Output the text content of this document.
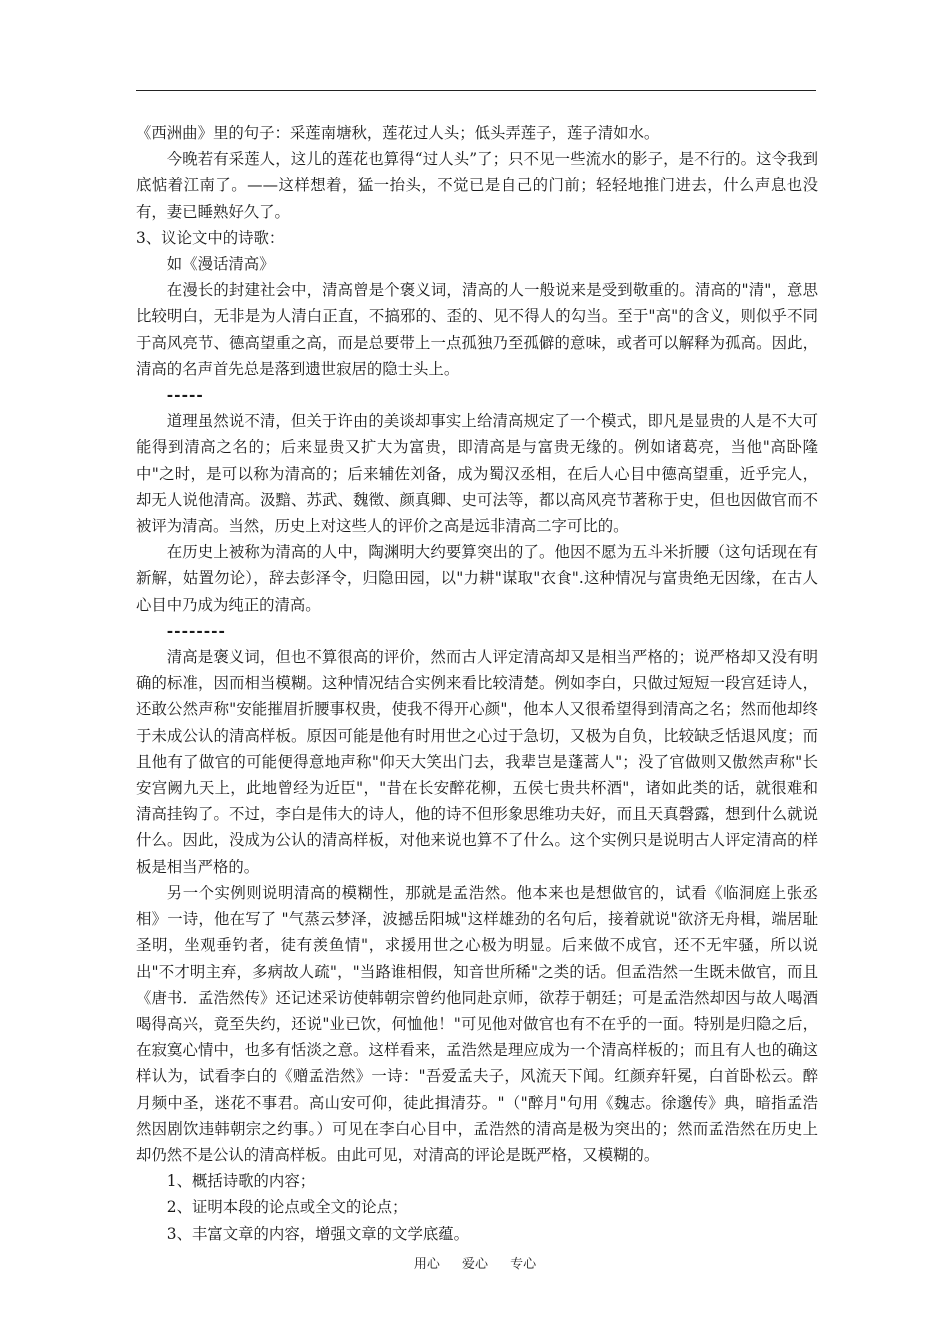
《西洲曲》里的句子：采莲南塘秋，莲花过人头；低头弄莲子，莲子清如水。

今晚若有采莲人，这儿的莲花也算得“过人头”了；只不见一些流水的影子，是不行的。这令我到底惦着江南了。——这样想着，猛一抬头，不觉已是自己的门前；轻轻地推门进去，什么声息也没有，妻已睡熟好久了。

3、议论文中的诗歌：

如《漫话清高》

在漫长的封建社会中，清高曾是个褒义词，清高的人一般说来是受到敬重的。清高的"清"，意思比较明白，无非是为人清白正直，不搞邪的、歪的、见不得人的勾当。至于"高"的含义，则似乎不同于高风亮节、德高望重之高，而是总要带上一点孤独乃至孤僻的意味，或者可以解释为孤高。因此，清高的名声首先总是落到遗世寂居的隐士头上。

-----

道理虽然说不清，但关于许由的美谈却事实上给清高规定了一个模式，即凡是显贵的人是不大可能得到清高之名的；后来显贵又扩大为富贵，即清高是与富贵无缘的。例如诸葛亮，当他"高卧隆中"之时，是可以称为清高的；后来辅佐刘备，成为蜀汉丞相，在后人心目中德高望重，近乎完人，却无人说他清高。汲黯、苏武、魏徵、颜真卿、史可法等，都以高风亮节著称于史，但也因做官而不被评为清高。当然，历史上对这些人的评价之高是远非清高二字可比的。

在历史上被称为清高的人中，陶渊明大约要算突出的了。他因不愿为五斗米折腰（这句话现在有新解，姑置勿论），辞去彭泽令，归隐田园，以"力耕"谋取"衣食".这种情况与富贵绝无因缘，在古人心目中乃成为纯正的清高。

--------

清高是褒义词，但也不算很高的评价，然而古人评定清高却又是相当严格的；说严格却又没有明确的标准，因而相当模糊。这种情况结合实例来看比较清楚。例如李白，只做过短短一段宫廷诗人，还敢公然声称"安能摧眉折腰事权贵，使我不得开心颜"，他本人又很希望得到清高之名；然而他却终于未成公认的清高样板。原因可能是他有时用世之心过于急切，又极为自负，比较缺乏恬退风度；而且他有了做官的可能便得意地声称"仰天大笑出门去，我辈岂是蓬蒿人"；没了官做则又傲然声称"长安宫阙九天上，此地曾经为近臣"，"昔在长安醉花柳，五侯七贵共杯酒"，诸如此类的话，就很难和清高挂钩了。不过，李白是伟大的诗人，他的诗不但形象思维功夫好，而且天真磬露，想到什么就说什么。因此，没成为公认的清高样板，对他来说也算不了什么。这个实例只是说明古人评定清高的样板是相当严格的。

另一个实例则说明清高的模糊性，那就是孟浩然。他本来也是想做官的，试看《临洞庭上张丞相》一诗，他在写了 "气蒸云梦泽，波撼岳阳城"这样雄劲的名句后，接着就说"欲济无舟楫，端居耻圣明，坐观垂钓者，徒有羡鱼情"，求援用世之心极为明显。后来做不成官，还不无牢骚，所以说出"不才明主弃，多病故人疏"，"当路谁相假，知音世所稀"之类的话。但孟浩然一生既未做官，而且《唐书．孟浩然传》还记述采访使韩朝宗曾约他同赴京师，欲荐于朝廷；可是孟浩然却因与故人喝酒喝得高兴，竟至失约，还说"业已饮，何恤他！"可见他对做官也有不在乎的一面。特别是归隐之后，在寂寞心情中，也多有恬淡之意。这样看来，孟浩然是理应成为一个清高样板的；而且有人也的确这样认为，试看李白的《赠孟浩然》一诗："吾爱孟夫子，风流天下闻。红颜弃轩冕，白首卧松云。醉月频中圣，迷花不事君。高山安可仰，徒此揖清芬。"（"醉月"句用《魏志。徐邈传》典，暗指孟浩然因剧饮违韩朝宗之约事。）可见在李白心目中，孟浩然的清高是极为突出的；然而孟浩然在历史上却仍然不是公认的清高样板。由此可见，对清高的评论是既严格，又模糊的。

1、概括诗歌的内容；

2、证明本段的论点或全文的论点；

3、丰富文章的内容，增强文章的文学底蕴。

用心 爱心 专心
